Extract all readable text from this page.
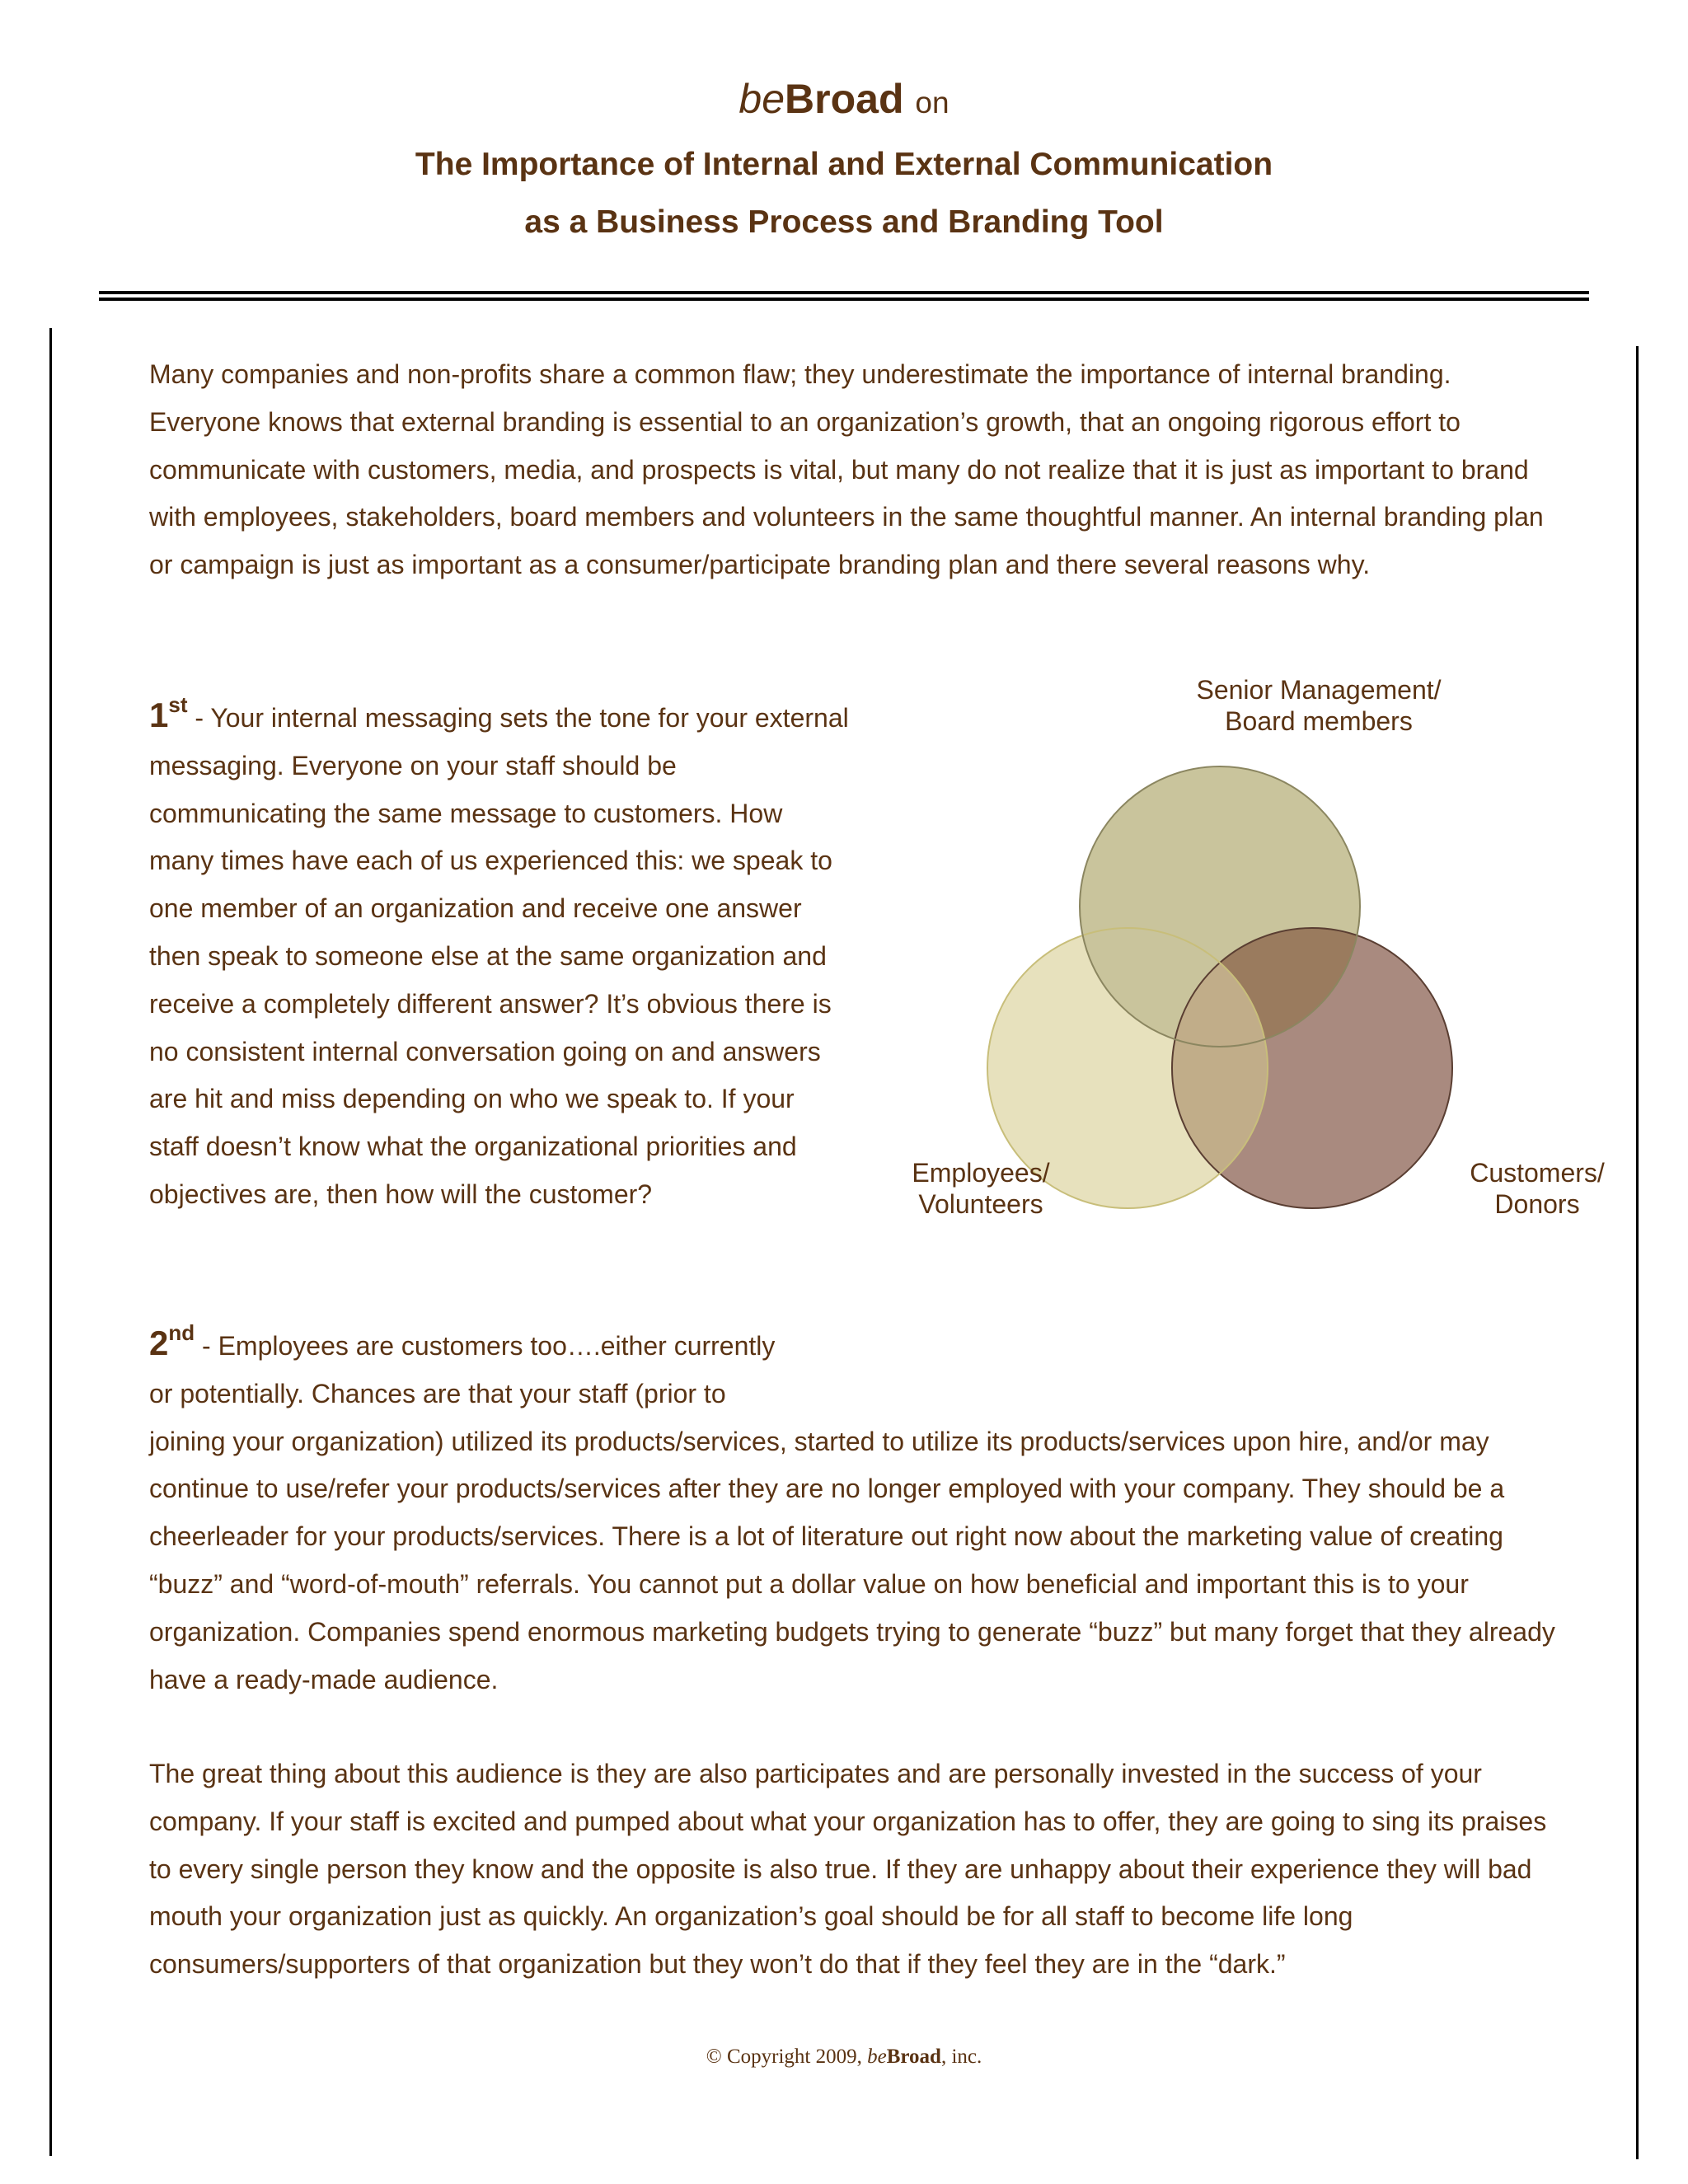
beBroad on
The Importance of Internal and External Communication
as a Business Process and Branding Tool

Many companies and non-profits share a common flaw; they underestimate the importance of internal branding. Everyone knows that external branding is essential to an organization’s growth, that an ongoing rigorous effort to communicate with customers, media, and prospects is vital, but many do not realize that it is just as important to brand with employees, stakeholders, board members and volunteers in the same thoughtful manner. An internal branding plan or campaign is just as important as a consumer/participate branding plan and there several reasons why.

1st - Your internal messaging sets the tone for your external messaging. Everyone on your staff should be communicating the same message to customers. How many times have each of us experienced this: we speak to one member of an organization and receive one answer then speak to someone else at the same organization and receive a completely different answer? It’s obvious there is no consistent internal conversation going on and answers are hit and miss depending on who we speak to. If your staff doesn’t know what the organizational priorities and objectives are, then how will the customer?

2nd - Employees are customers too….either currently
or potentially. Chances are that your staff (prior to
joining your organization) utilized its products/services, started to utilize its products/services upon hire, and/or may continue to use/refer your products/services after they are no longer employed with your company. They should be a cheerleader for your products/services. There is a lot of literature out right now about the marketing value of creating “buzz” and “word-of-mouth” referrals. You cannot put a dollar value on how beneficial and important this is to your organization. Companies spend enormous marketing budgets trying to generate “buzz” but many forget that they already have a ready-made audience.

The great thing about this audience is they are also participates and are personally invested in the success of your company. If your staff is excited and pumped about what your organization has to offer, they are going to sing its praises to every single person they know and the opposite is also true. If they are unhappy about their experience they will bad mouth your organization just as quickly. An organization’s goal should be for all staff to become life long consumers/supporters of that organization but they won’t do that if they feel they are in the “dark.”

Senior Management/
Board members
Employees/
Volunteers
Customers/
Donors
© Copyright 2009, beBroad, inc.
